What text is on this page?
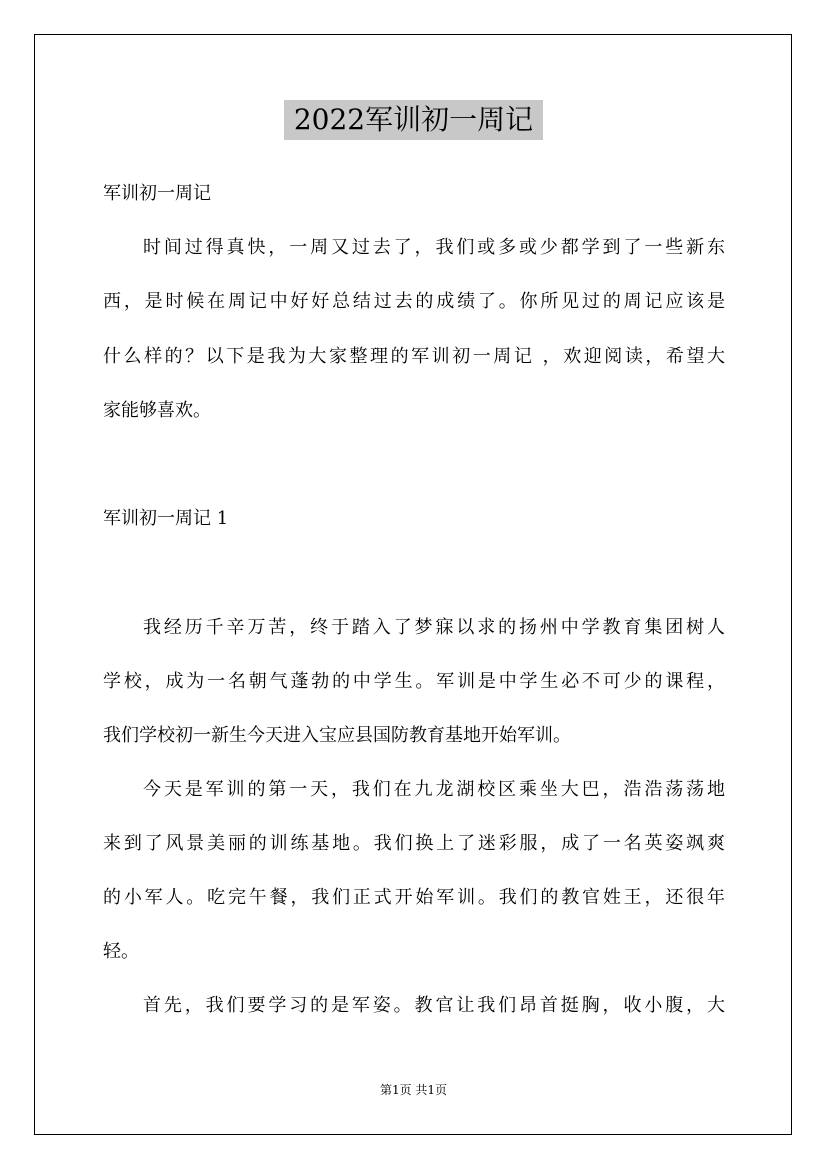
2022军训初一周记
军训初一周记
时间过得真快，一周又过去了，我们或多或少都学到了一些新东
西，是时候在周记中好好总结过去的成绩了。你所见过的周记应该是
什么样的？以下是我为大家整理的军训初一周记 ，欢迎阅读，希望大
家能够喜欢。
军训初一周记 1
我经历千辛万苦，终于踏入了梦寐以求的扬州中学教育集团树人
学校，成为一名朝气蓬勃的中学生。军训是中学生必不可少的课程，
我们学校初一新生今天进入宝应县国防教育基地开始军训。
今天是军训的第一天，我们在九龙湖校区乘坐大巴，浩浩荡荡地
来到了风景美丽的训练基地。我们换上了迷彩服，成了一名英姿飒爽
的小军人。吃完午餐，我们正式开始军训。我们的教官姓王，还很年
轻。
首先，我们要学习的是军姿。教官让我们昂首挺胸，收小腹，大
第1页 共1页
